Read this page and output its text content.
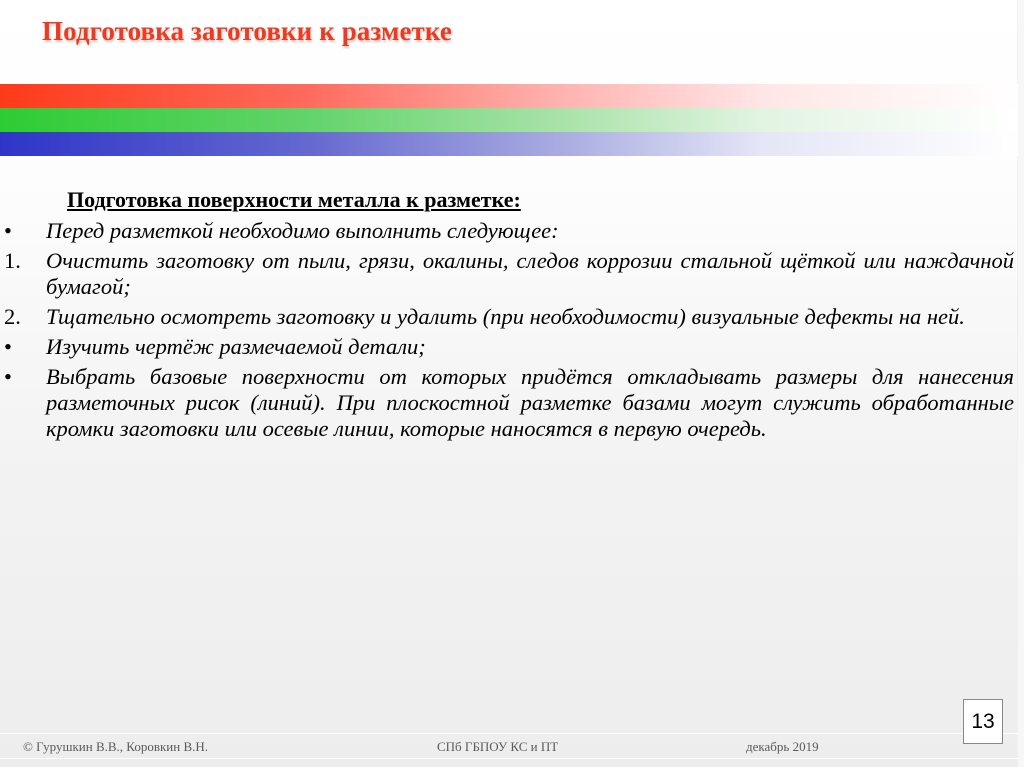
Подготовка заготовки к разметке

Подготовка поверхности металла к разметке:

•	Перед разметкой необходимо выполнить следующее:
1.	Очистить заготовку от пыли, грязи, окалины, следов коррозии стальной щёткой или наждачной бумагой;
2.	Тщательно осмотреть заготовку и удалить (при необходимости) визуальные дефекты на ней.
•	Изучить чертёж размечаемой детали;
•	Выбрать базовые поверхности от которых придётся откладывать размеры для нанесения разметочных рисок (линий). При плоскостной разметке базами могут служить обработанные кромки заготовки или осевые линии, которые наносятся в первую очередь.
© Гурушкин В.В., Коровкин В.Н.	СПб ГБПОУ КС и ПТ	декабрь 2019
13
